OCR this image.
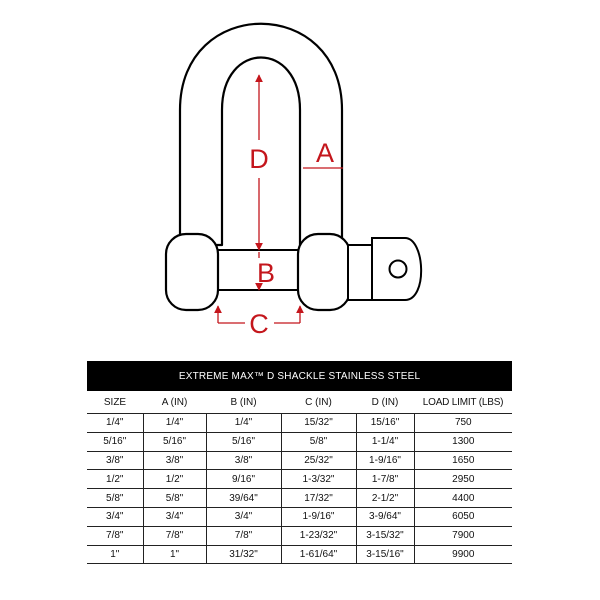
D
B
A
C
EXTREME MAX™ D SHACKLE STAINLESS STEEL					
SIZE	A (IN)	B (IN)	C (IN)	D (IN)	LOAD LIMIT (LBS)
1/4"	1/4"	1/4"	15/32"	15/16"	750
5/16"	5/16"	5/16"	5/8"	1-1/4"	1300
3/8"	3/8"	3/8"	25/32"	1-9/16"	1650
1/2"	1/2"	9/16"	1-3/32"	1-7/8"	2950
5/8"	5/8"	39/64"	17/32"	2-1/2"	4400
3/4"	3/4"	3/4"	1-9/16"	3-9/64"	6050
7/8"	7/8"	7/8"	1-23/32"	3-15/32"	7900
1"	1"	31/32"	1-61/64"	3-15/16"	9900
